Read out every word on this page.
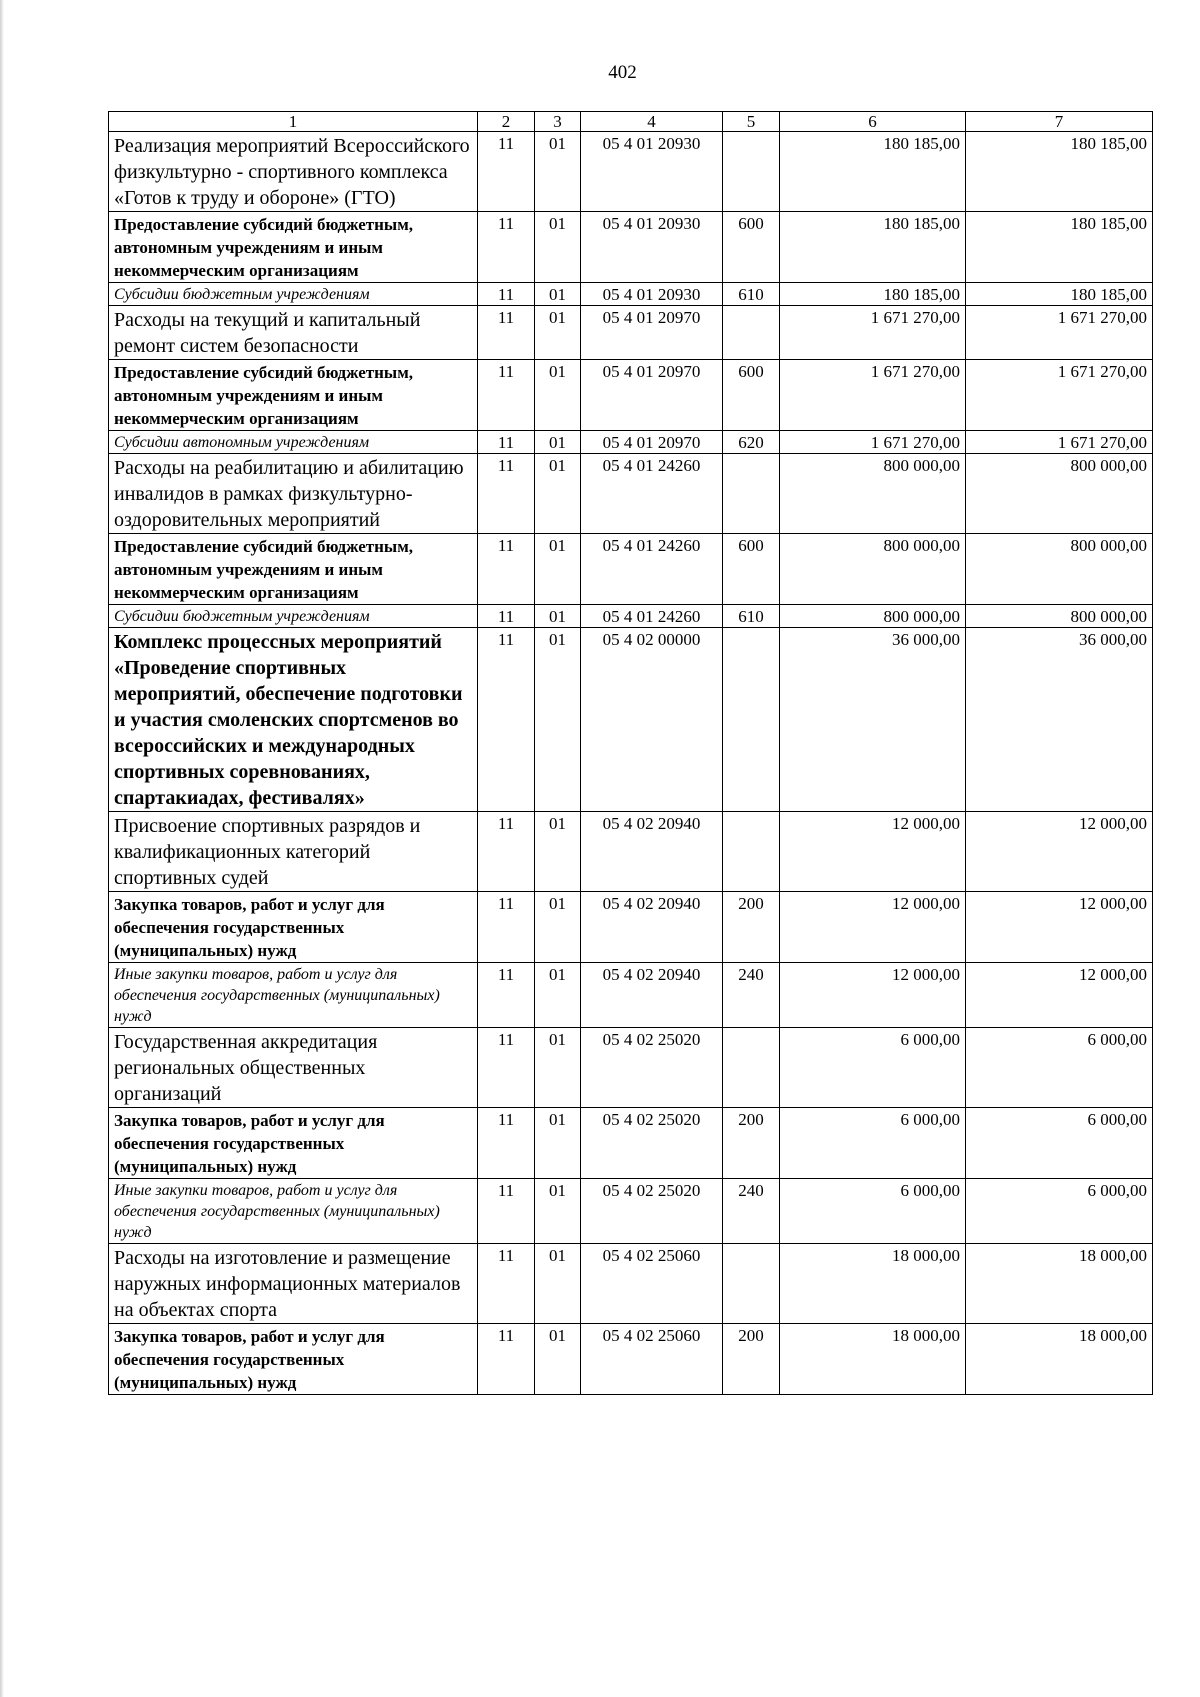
402
1	2	3	4	5	6	7
Реализация мероприятий Всероссийского физкультурно - спортивного комплекса «Готов к труду и обороне» (ГТО)	11	01	05 4 01 20930		180 185,00	180 185,00
Предоставление субсидий бюджетным, автономным учреждениям и иным некоммерческим организациям	11	01	05 4 01 20930	600	180 185,00	180 185,00
Субсидии бюджетным учреждениям	11	01	05 4 01 20930	610	180 185,00	180 185,00
Расходы на текущий и капитальный ремонт систем безопасности	11	01	05 4 01 20970		1 671 270,00	1 671 270,00
Предоставление субсидий бюджетным, автономным учреждениям и иным некоммерческим организациям	11	01	05 4 01 20970	600	1 671 270,00	1 671 270,00
Субсидии автономным учреждениям	11	01	05 4 01 20970	620	1 671 270,00	1 671 270,00
Расходы на реабилитацию и абилитацию инвалидов в рамках физкультурно-оздоровительных мероприятий	11	01	05 4 01 24260		800 000,00	800 000,00
Предоставление субсидий бюджетным, автономным учреждениям и иным некоммерческим организациям	11	01	05 4 01 24260	600	800 000,00	800 000,00
Субсидии бюджетным учреждениям	11	01	05 4 01 24260	610	800 000,00	800 000,00
Комплекс процессных мероприятий «Проведение спортивных мероприятий, обеспечение подготовки и участия смоленских спортсменов во всероссийских и международных спортивных соревнованиях, спартакиадах, фестивалях»	11	01	05 4 02 00000		36 000,00	36 000,00
Присвоение спортивных разрядов и квалификационных категорий спортивных судей	11	01	05 4 02 20940		12 000,00	12 000,00
Закупка товаров, работ и услуг для обеспечения государственных (муниципальных) нужд	11	01	05 4 02 20940	200	12 000,00	12 000,00
Иные закупки товаров, работ и услуг для обеспечения государственных (муниципальных) нужд	11	01	05 4 02 20940	240	12 000,00	12 000,00
Государственная аккредитация региональных общественных организаций	11	01	05 4 02 25020		6 000,00	6 000,00
Закупка товаров, работ и услуг для обеспечения государственных (муниципальных) нужд	11	01	05 4 02 25020	200	6 000,00	6 000,00
Иные закупки товаров, работ и услуг для обеспечения государственных (муниципальных) нужд	11	01	05 4 02 25020	240	6 000,00	6 000,00
Расходы на изготовление и размещение наружных информационных материалов на объектах спорта	11	01	05 4 02 25060		18 000,00	18 000,00
Закупка товаров, работ и услуг для обеспечения государственных (муниципальных) нужд	11	01	05 4 02 25060	200	18 000,00	18 000,00
